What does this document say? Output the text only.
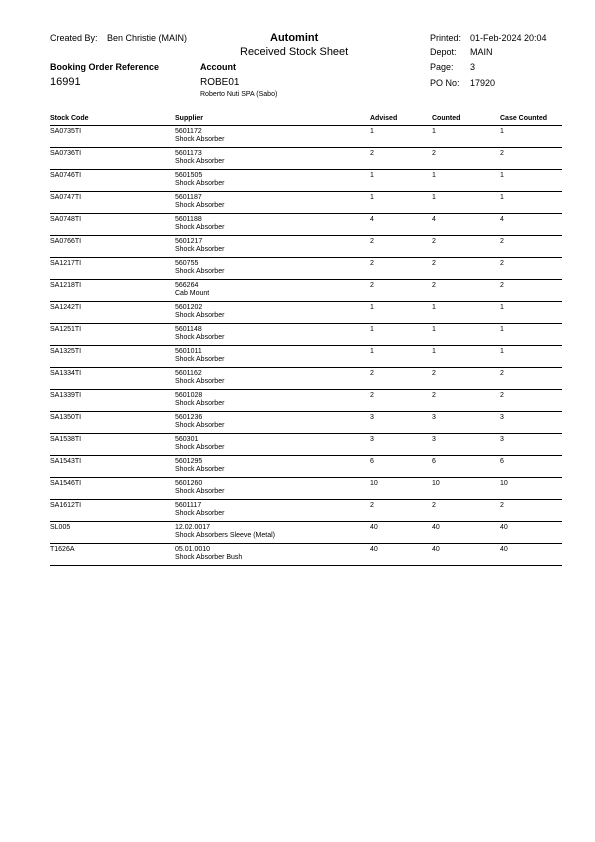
Created By: Ben Christie (MAIN)	Automint
Received Stock Sheet
Printed: 01-Feb-2024 20:04
Depot: MAIN
Page: 3
Booking Order Reference
16991
Account
ROBE01
Roberto Nuti SPA (Sabo)
PO No: 17920
Stock Code	Supplier	Advised	Counted	Case Counted
SA0735TI	5601172
Shock Absorber
1	1	1
SA0736TI	5601173
Shock Absorber
2	2	2
SA0746TI	5601505
Shock Absorber
1	1	1
SA0747TI	5601187
Shock Absorber
1	1	1
SA0748TI	5601188
Shock Absorber
4	4	4
SA0766TI	5601217
Shock Absorber
2	2	2
SA1217TI	560755
Shock Absorber
2	2	2
SA1218TI	566264
Cab Mount
2	2	2
SA1242TI	5601202
Shock Absorber
1	1	1
SA1251TI	5601148
Shock Absorber
1	1	1
SA1325TI	5601011
Shock Absorber
1	1	1
SA1334TI	5601162
Shock Absorber
2	2	2
SA1339TI	5601028
Shock Absorber
2	2	2
SA1350TI	5601236
Shock Absorber
3	3	3
SA1538TI	560301
Shock Absorber
3	3	3
SA1543TI	5601295
Shock Absorber
6	6	6
SA1546TI	5601260
Shock Absorber
10	10	10
SA1612TI	5601117
Shock Absorber
2	2	2
SL005	12.02.0017
Shock Absorbers Sleeve (Metal)
40	40	40
T1626A	05.01.0010
Shock Absorber Bush
40	40	40
